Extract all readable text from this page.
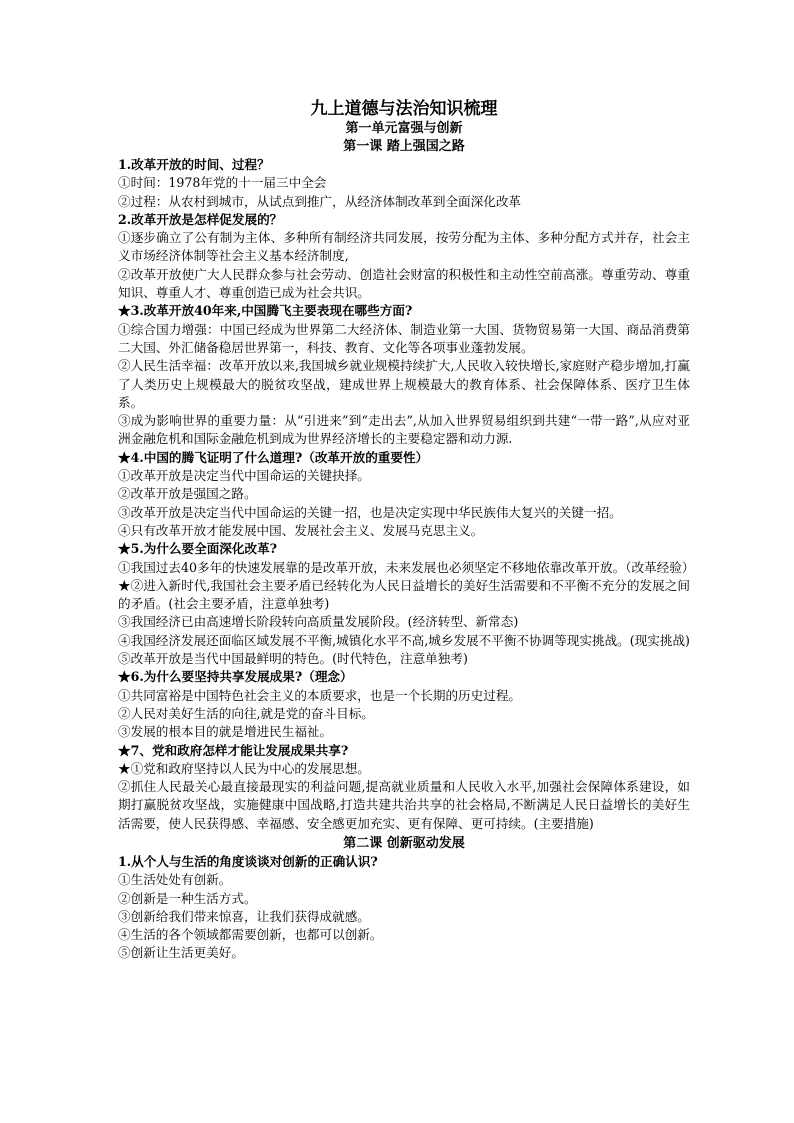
九上道德与法治知识梳理

第一单元富强与创新

第一课 踏上强国之路

1.改革开放的时间、过程？

①时间：1978年党的十一届三中全会

②过程：从农村到城市，从试点到推广，从经济体制改革到全面深化改革

2.改革开放是怎样促发展的？

①逐步确立了公有制为主体、多种所有制经济共同发展，按劳分配为主体、多种分配方式并存，社会主义市场经济体制等社会主义基本经济制度,

②改革开放使广大人民群众参与社会劳动、创造社会财富的积极性和主动性空前高涨。尊重劳动、尊重知识、尊重人才、尊重创造已成为社会共识。

★3.改革开放40年来,中国腾飞主要表现在哪些方面?

①综合国力增强：中国已经成为世界第二大经济体、制造业第一大国、货物贸易第一大国、商品消费第二大国、外汇储备稳居世界第一，科技、教育、文化等各项事业蓬勃发展。

②人民生活幸福：改革开放以来,我国城乡就业规模持续扩大,人民收入较快增长,家庭财产稳步增加,打赢了人类历史上规模最大的脱贫攻坚战，建成世界上规模最大的教育体系、社会保障体系、医疗卫生体系。

③成为影响世界的重要力量：从“引进来”到“走出去”,从加入世界贸易组织到共建“一带一路”,从应对亚洲金融危机和国际金融危机到成为世界经济增长的主要稳定器和动力源.

★4.中国的腾飞证明了什么道理?（改革开放的重要性）

①改革开放是决定当代中国命运的关键抉择。

②改革开放是强国之路。

③改革开放是决定当代中国命运的关键一招，也是决定实现中华民族伟大复兴的关键一招。

④只有改革开放才能发展中国、发展社会主义、发展马克思主义。

★5.为什么要全面深化改革?

①我国过去40多年的快速发展靠的是改革开放，未来发展也必须坚定不移地依靠改革开放。（改革经验）

★②进入新时代,我国社会主要矛盾已经转化为人民日益增长的美好生活需要和不平衡不充分的发展之间的矛盾。(社会主要矛盾，注意单独考)

③我国经济已由高速增长阶段转向高质量发展阶段。(经济转型、新常态)

④我国经济发展还面临区域发展不平衡,城镇化水平不高,城乡发展不平衡不协调等现实挑战。(现实挑战)

⑤改革开放是当代中国最鲜明的特色。(时代特色，注意单独考)

★6.为什么要坚持共享发展成果?（理念）

①共同富裕是中国特色社会主义的本质要求，也是一个长期的历史过程。

②人民对美好生活的向往,就是党的奋斗目标。

③发展的根本目的就是增进民生福祉。

★7、党和政府怎样才能让发展成果共享?

★①党和政府坚持以人民为中心的发展思想。

②抓住人民最关心最直接最现实的利益问题,提高就业质量和人民收入水平,加强社会保障体系建设，如期打赢脱贫攻坚战，实施健康中国战略,打造共建共治共享的社会格局,不断满足人民日益增长的美好生活需要，使人民获得感、幸福感、安全感更加充实、更有保障、更可持续。(主要措施)

第二课 创新驱动发展

1.从个人与生活的角度谈谈对创新的正确认识?

①生活处处有创新。

②创新是一种生活方式。

③创新给我们带来惊喜，让我们获得成就感。

④生活的各个领域都需要创新，也都可以创新。

⑤创新让生活更美好。
